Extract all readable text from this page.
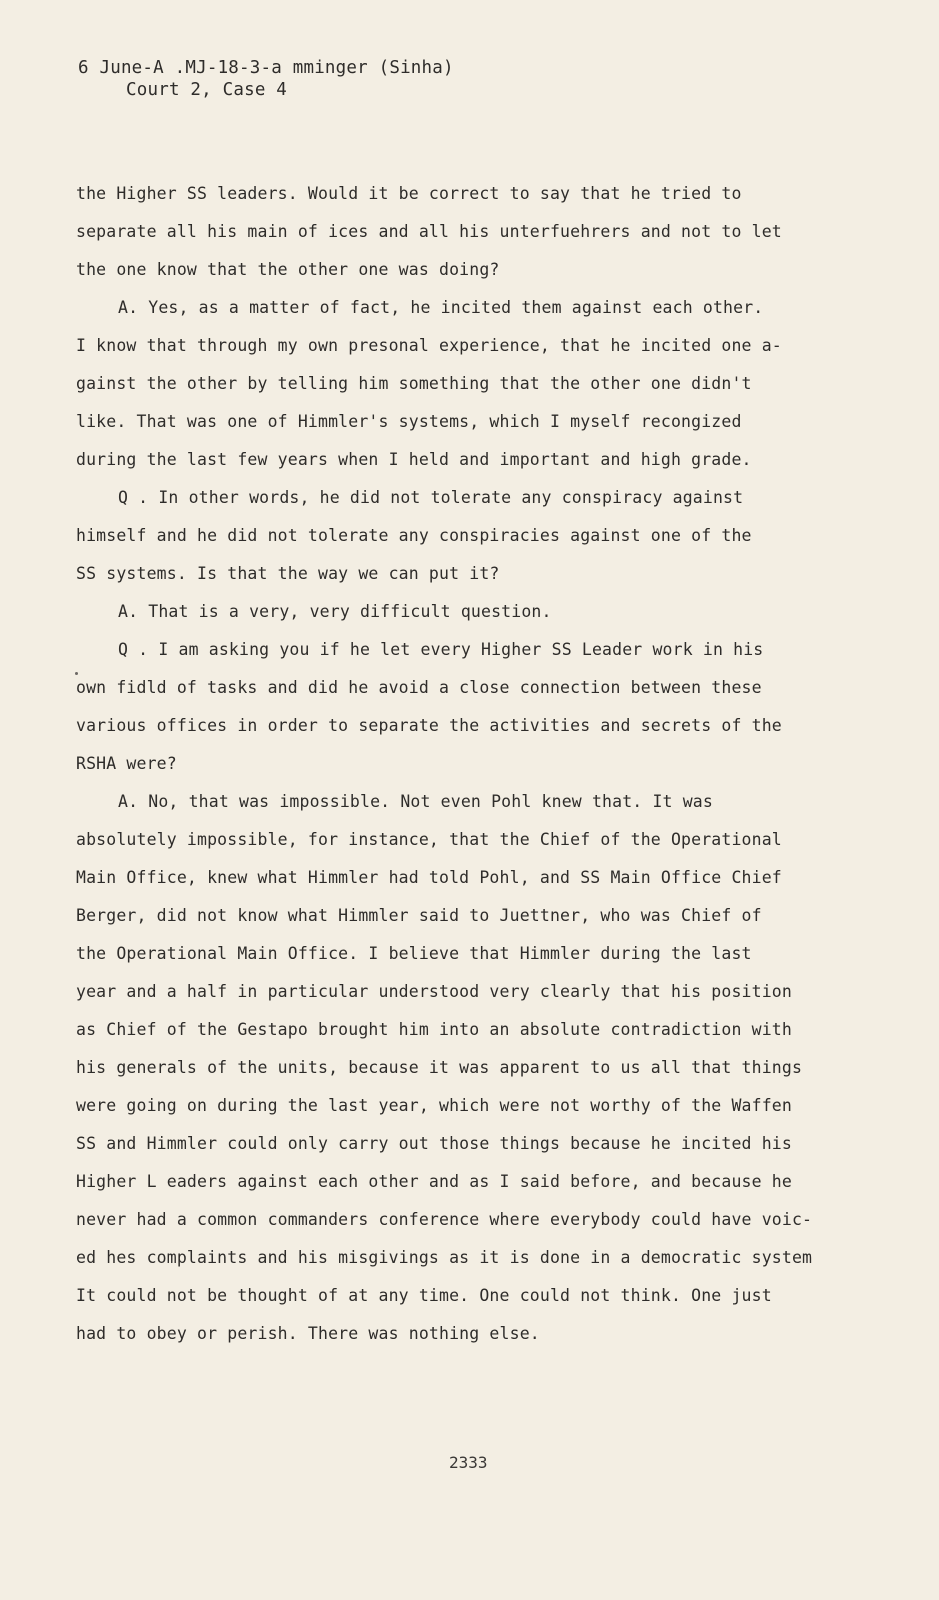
6 June-A .MJ-18-3-a mminger (Sinha)
Court 2, Case 4
the Higher SS leaders. Would it be correct to say that he tried to
separate all his main of ices and all his unterfuehrers and not to let
the one know that the other one was doing?
A. Yes, as a matter of fact, he incited them against each other.
I know that through my own presonal experience, that he incited one a-
gainst the other by telling him something that the other one didn't
like. That was one of Himmler's systems, which I myself recongized
during the last few years when I held and important and high grade.
Q . In other words, he did not tolerate any conspiracy against
himself and he did not tolerate any conspiracies against one of the
SS systems. Is that the way we can put it?
A. That is a very, very difficult question.
Q . I am asking you if he let every Higher SS Leader work in his
own fidld of tasks and did he avoid a close connection between these
various offices in order to separate the activities and secrets of the
RSHA were?
A. No, that was impossible. Not even Pohl knew that. It was
absolutely impossible, for instance, that the Chief of the Operational
Main Office, knew what Himmler had told Pohl, and SS Main Office Chief
Berger, did not know what Himmler said to Juettner, who was Chief of
the Operational Main Office. I believe that Himmler during the last
year and a half in particular understood very clearly that his position
as Chief of the Gestapo brought him into an absolute contradiction with
his generals of the units, because it was apparent to us all that things
were going on during the last year, which were not worthy of the Waffen
SS and Himmler could only carry out those things because he incited his
Higher L eaders against each other and as I said before, and because he
never had a common commanders conference where everybody could have voic-
ed hes complaints and his misgivings as it is done in a democratic system
It could not be thought of at any time. One could not think. One just
had to obey or perish. There was nothing else.
2333
